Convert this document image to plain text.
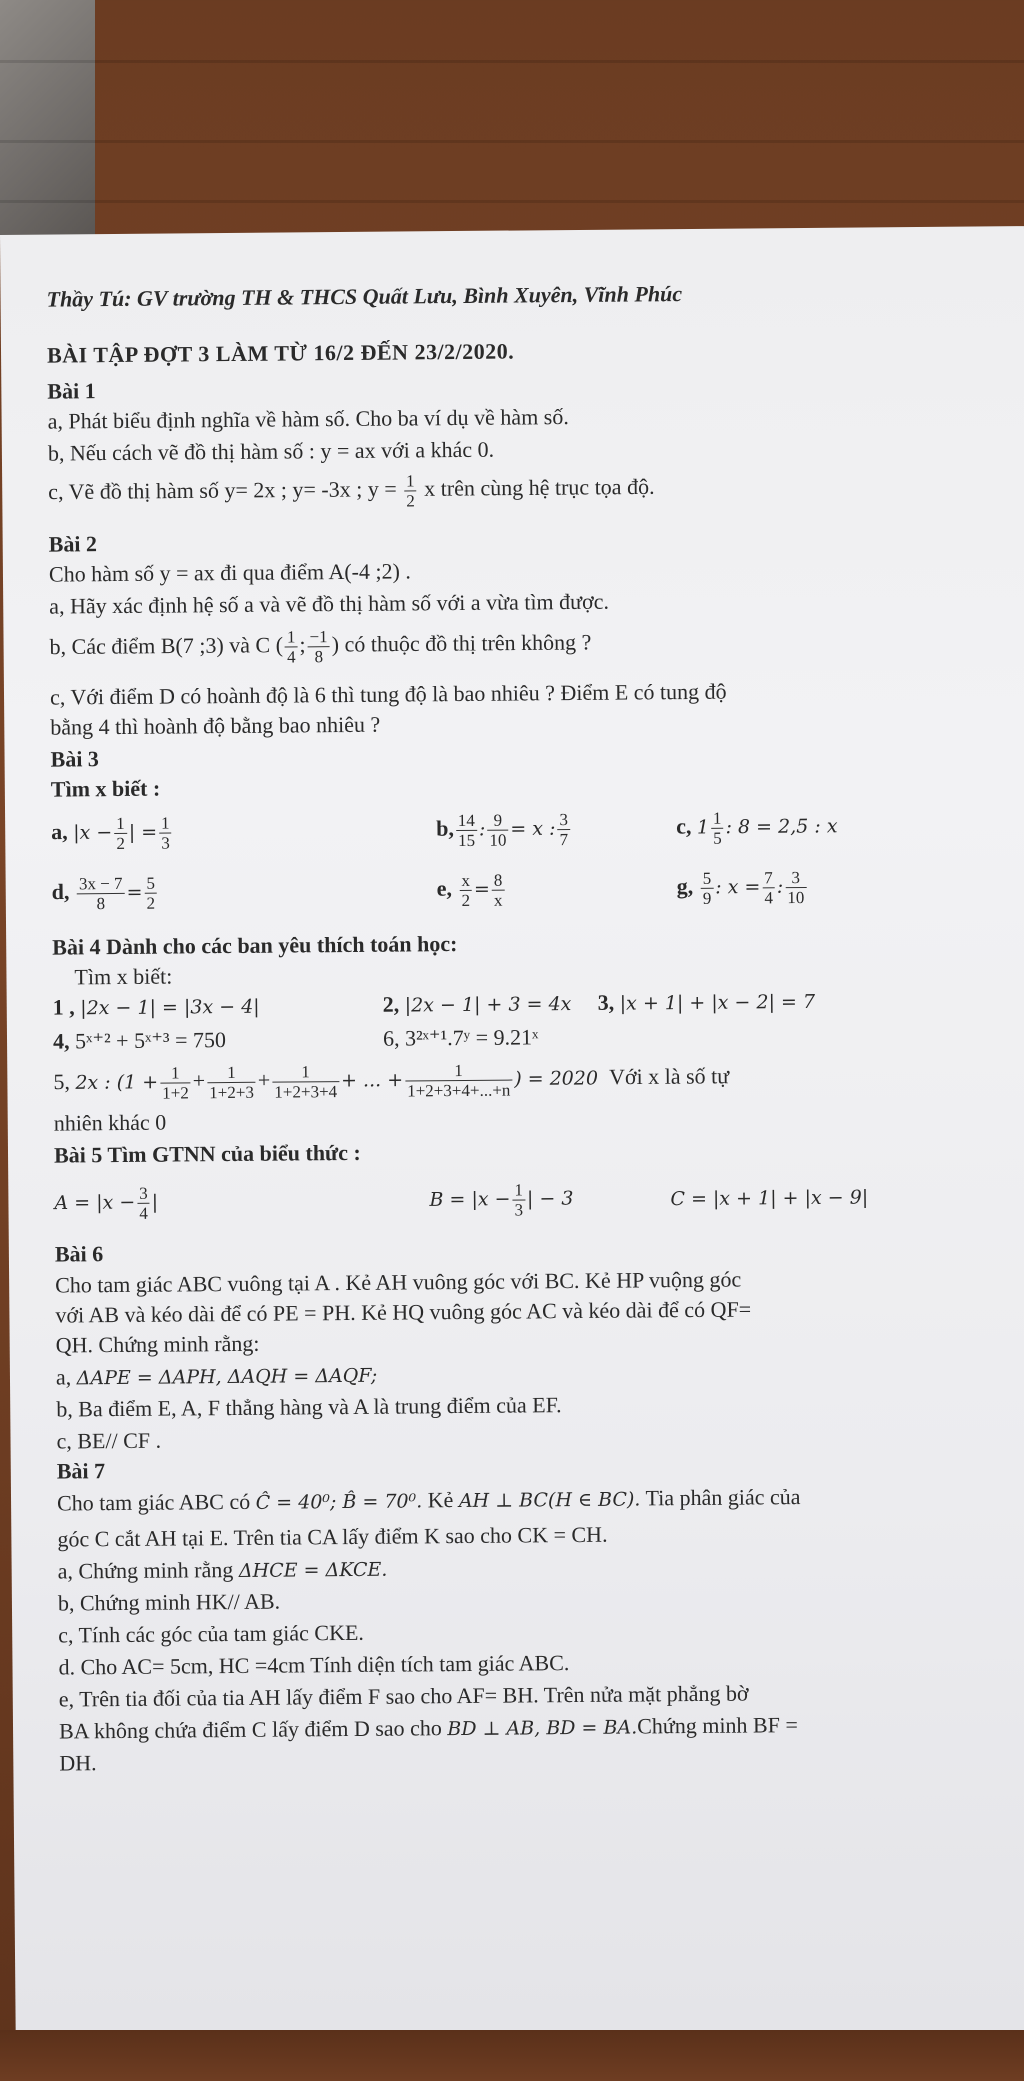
Thầy Tú: GV trường TH & THCS Quất Lưu, Bình Xuyên, Vĩnh Phúc
BÀI TẬP ĐỢT 3 LÀM TỪ 16/2 ĐẾN 23/2/2020.
Bài 1
a, Phát biểu định nghĩa về hàm số. Cho ba ví dụ về hàm số.
b, Nếu cách vẽ đồ thị hàm số : y = ax với a khác 0.
c, Vẽ đồ thị hàm số y= 2x ; y= -3x ; $y = \frac{1}{2}$ x trên cùng hệ trục tọa độ.
Bài 2
Cho hàm số y = ax đi qua điểm A(-4 ;2) .
a, Hãy xác định hệ số a và vẽ đồ thị hàm số với a vừa tìm được.
b, Các điểm B(7 ;3) và C ( $\frac{1}{4}$ ; $\frac{-1}{8}$ ) có thuộc đồ thị trên không ?
c, Với điểm D có hoành độ là 6 thì tung độ là bao nhiêu ? Điểm E có tung độ
bằng 4 thì hoành độ bằng bao nhiêu ?
Bài 3
Tìm x biết :
a, $|x - \frac{1}{2}$ | = $\frac{1}{3}$	b, $\frac{14}{15}$ : $\frac{9}{10} = x$ : $\frac{3}{7}$	c, $1 \frac{1}{5}$ : 8 = 2,5 : x
d, $\frac{3x - 7}{8} = \frac{5}{2}$	e, $\frac{x}{2} = \frac{8}{x}$	g, $\frac{5}{9}$ : $x = \frac{7}{4}$ : $\frac{3}{10}$
Bài 4 Dành cho các ban yêu thích toán học:
Tìm x biết:
1 , |2x − 1| = |3x − 4|	2, |2x − 1| + 3 = 4x 3, |x + 1| + |x − 2| = 7
4, 5ˣ⁺² + 5ˣ⁺³ = 750	6, 3²ˣ⁺¹.7ʸ = 9.21ˣ
5, 2x : ($1 + \frac{1}{1+2} + \frac{1}{1+2+3} + \frac{1}{1+2+3+4}$ + ... + $\frac{1}{1+2+3+4+...+n}$ ) = 2020 Với x là số tự
nhiên khác 0
Bài 5 Tìm GTNN của biểu thức :
$A = |x - \frac{3}{4}$ |	$B = |x - \frac{1}{3}$ | − 3	C = |x + 1| + |x − 9|
Bài 6
Cho tam giác ABC vuông tại A . Kẻ AH vuông góc với BC. Kẻ HP vuộng góc
với AB và kéo dài để có PE = PH. Kẻ HQ vuông góc AC và kéo dài để có QF=
QH. Chứng minh rằng:
a, ΔAPE = ΔAPH, ΔAQH = ΔAQF;
b, Ba điểm E, A, F thẳng hàng và A là trung điểm của EF.
c, BE// CF .
Bài 7
Cho tam giác ABC có Ĉ = 40⁰; B̂ = 70⁰. Kẻ AH ⊥ BC(H ∈ BC). Tia phân giác của
góc C cắt AH tại E. Trên tia CA lấy điểm K sao cho CK = CH.
a, Chứng minh rằng ΔHCE = ΔKCE.
b, Chứng minh HK// AB.
c, Tính các góc của tam giác CKE.
d. Cho AC= 5cm, HC =4cm Tính diện tích tam giác ABC.
e, Trên tia đối của tia AH lấy điểm F sao cho AF= BH. Trên nửa mặt phẳng bờ
BA không chứa điểm C lấy điểm D sao cho BD ⊥ AB, BD = BA.Chứng minh BF =
DH.
